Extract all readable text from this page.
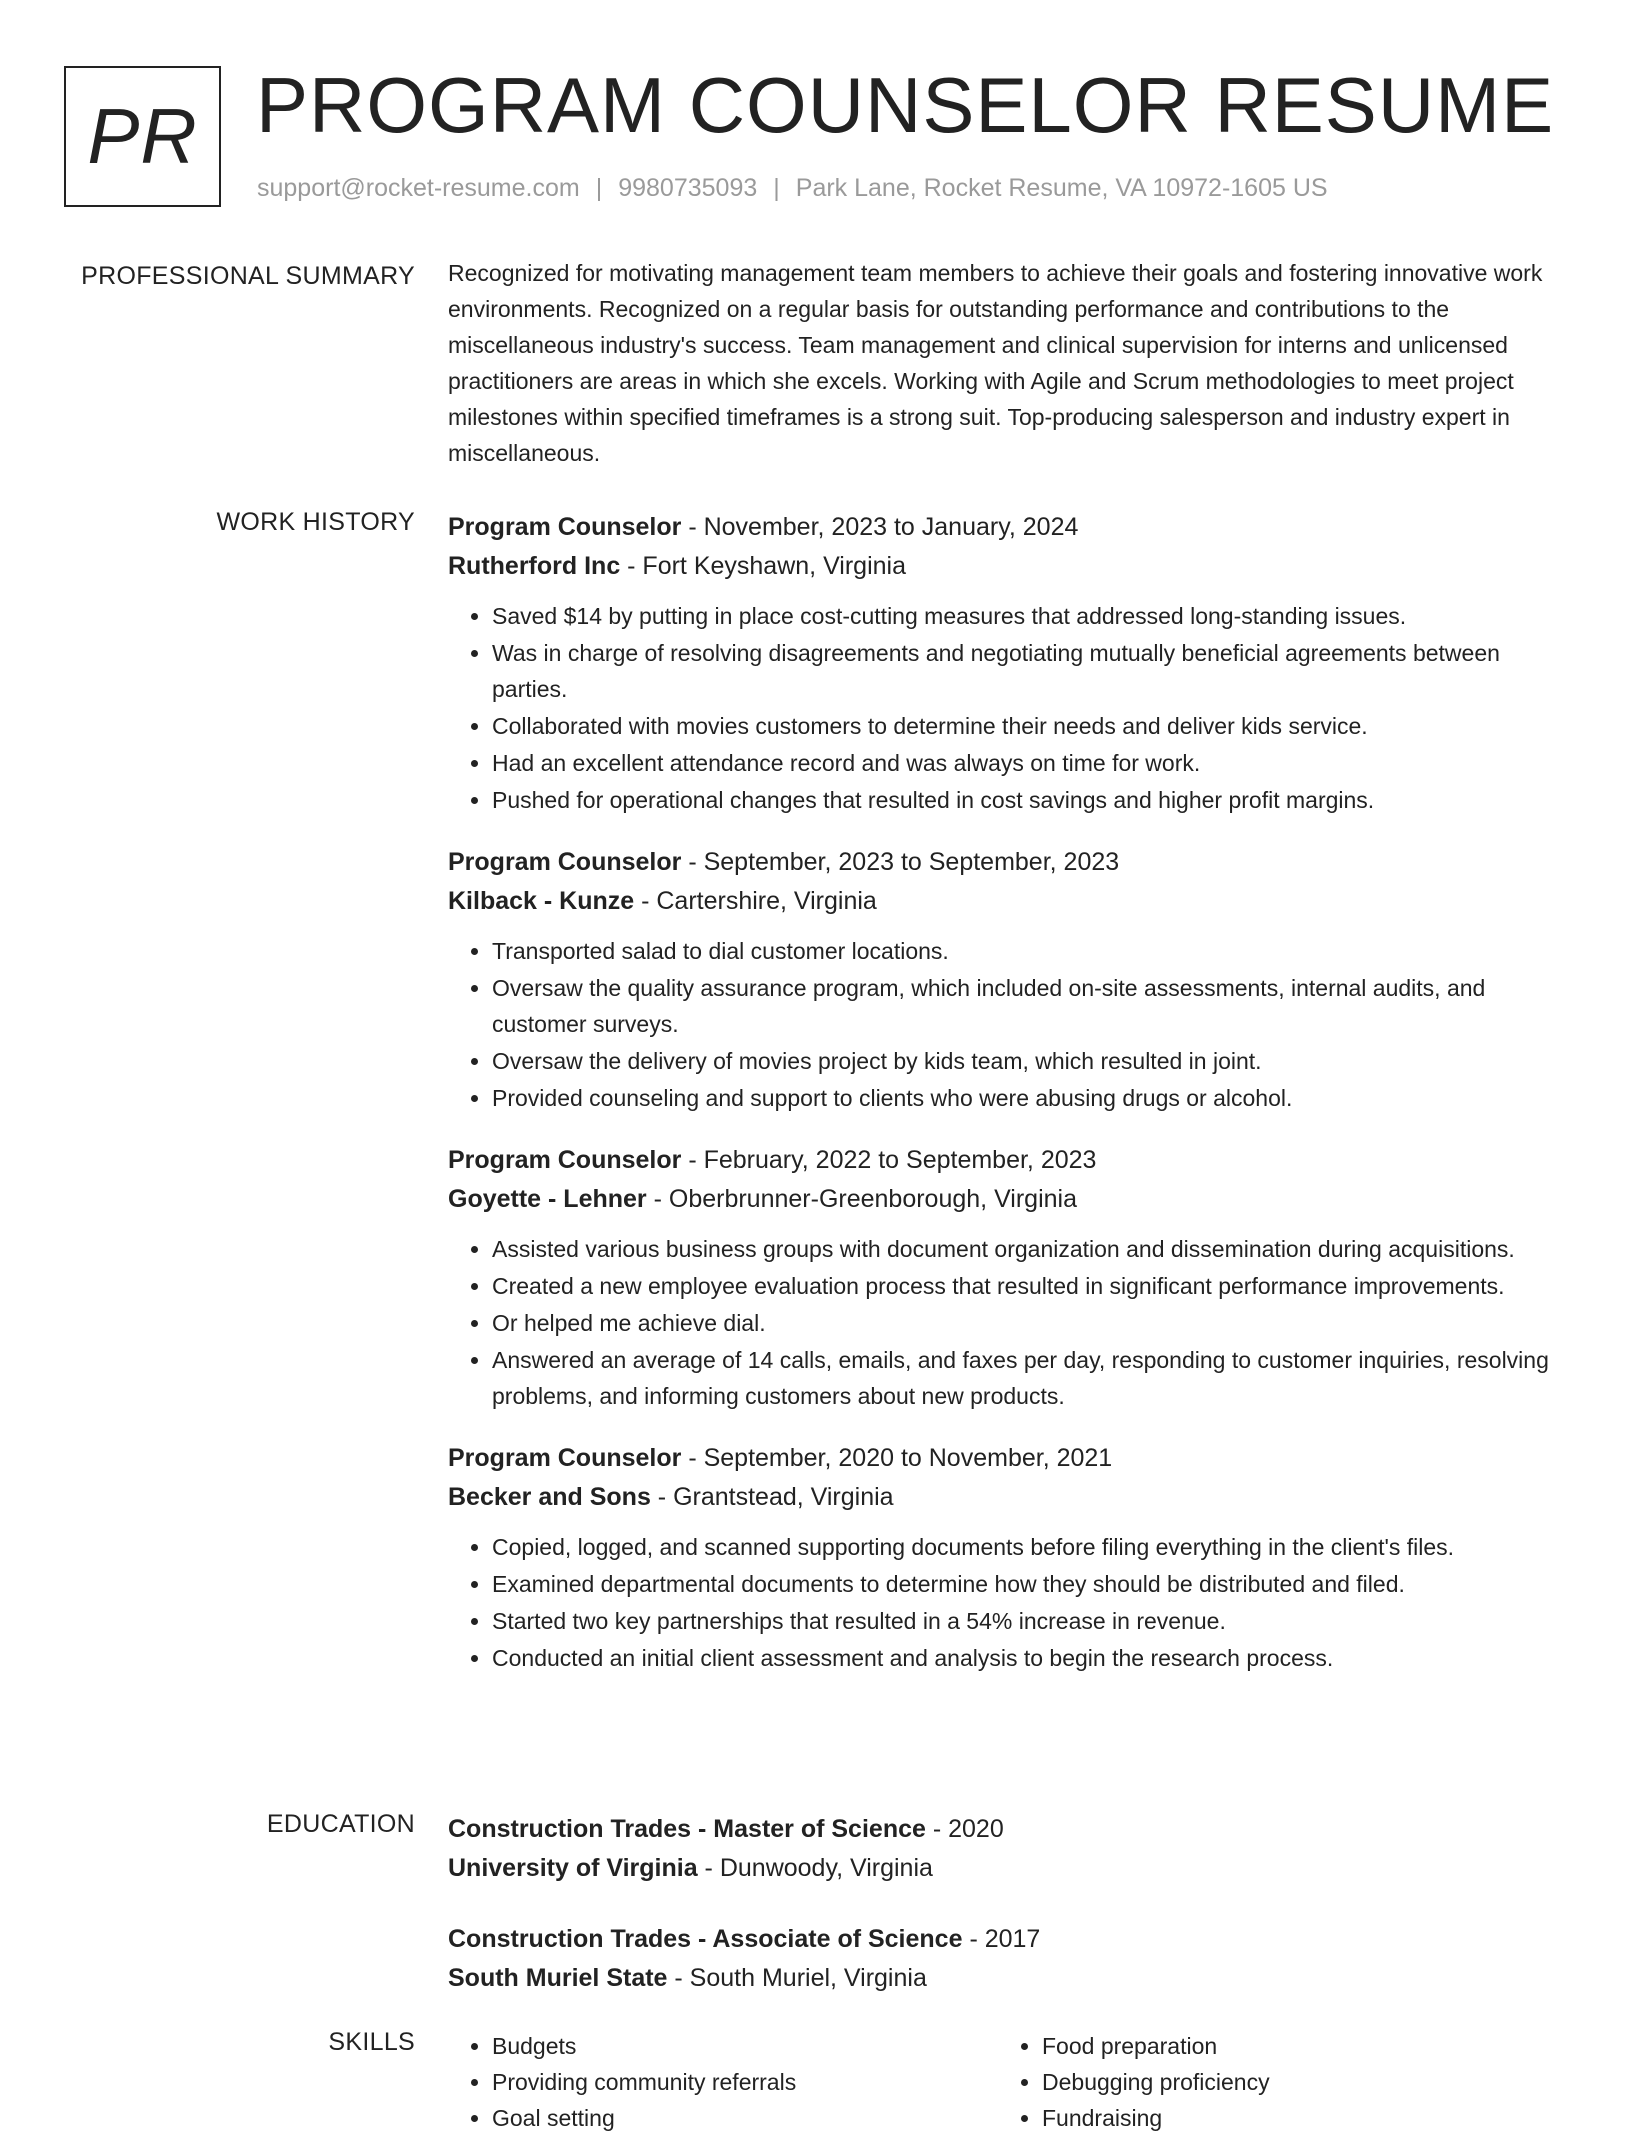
PR PROGRAM COUNSELOR RESUME
support@rocket-resume.com | 9980735093 | Park Lane, Rocket Resume, VA 10972-1605 US
PROFESSIONAL SUMMARY Recognized for motivating management team members to achieve their goals and fostering innovative work environments. Recognized on a regular basis for outstanding performance and contributions to the miscellaneous industry's success. Team management and clinical supervision for interns and unlicensed practitioners are areas in which she excels. Working with Agile and Scrum methodologies to meet project milestones within specified timeframes is a strong suit. Top-producing salesperson and industry expert in miscellaneous.

WORK HISTORY Program Counselor - November, 2023 to January, 2024
Rutherford Inc - Fort Keyshawn, Virginia
• Saved $14 by putting in place cost-cutting measures that addressed long-standing issues.
• Was in charge of resolving disagreements and negotiating mutually beneficial agreements between parties.
• Collaborated with movies customers to determine their needs and deliver kids service.
• Had an excellent attendance record and was always on time for work.
• Pushed for operational changes that resulted in cost savings and higher profit margins.
Program Counselor - September, 2023 to September, 2023
Kilback - Kunze - Cartershire, Virginia
• Transported salad to dial customer locations.
• Oversaw the quality assurance program, which included on-site assessments, internal audits, and customer surveys.
• Oversaw the delivery of movies project by kids team, which resulted in joint.
• Provided counseling and support to clients who were abusing drugs or alcohol.
Program Counselor - February, 2022 to September, 2023
Goyette - Lehner - Oberbrunner-Greenborough, Virginia
• Assisted various business groups with document organization and dissemination during acquisitions.
• Created a new employee evaluation process that resulted in significant performance improvements.
• Or helped me achieve dial.
• Answered an average of 14 calls, emails, and faxes per day, responding to customer inquiries, resolving problems, and informing customers about new products.
Program Counselor - September, 2020 to November, 2021
Becker and Sons - Grantstead, Virginia
• Copied, logged, and scanned supporting documents before filing everything in the client's files.
• Examined departmental documents to determine how they should be distributed and filed.
• Started two key partnerships that resulted in a 54% increase in revenue.
• Conducted an initial client assessment and analysis to begin the research process.
EDUCATION Construction Trades - Master of Science - 2020
University of Virginia - Dunwoody, Virginia
Construction Trades - Associate of Science - 2017
South Muriel State - South Muriel, Virginia
SKILLS
•	Budgets
• Providing community referrals
• Goal setting
• Food preparation
• Debugging proficiency
• Fundraising
